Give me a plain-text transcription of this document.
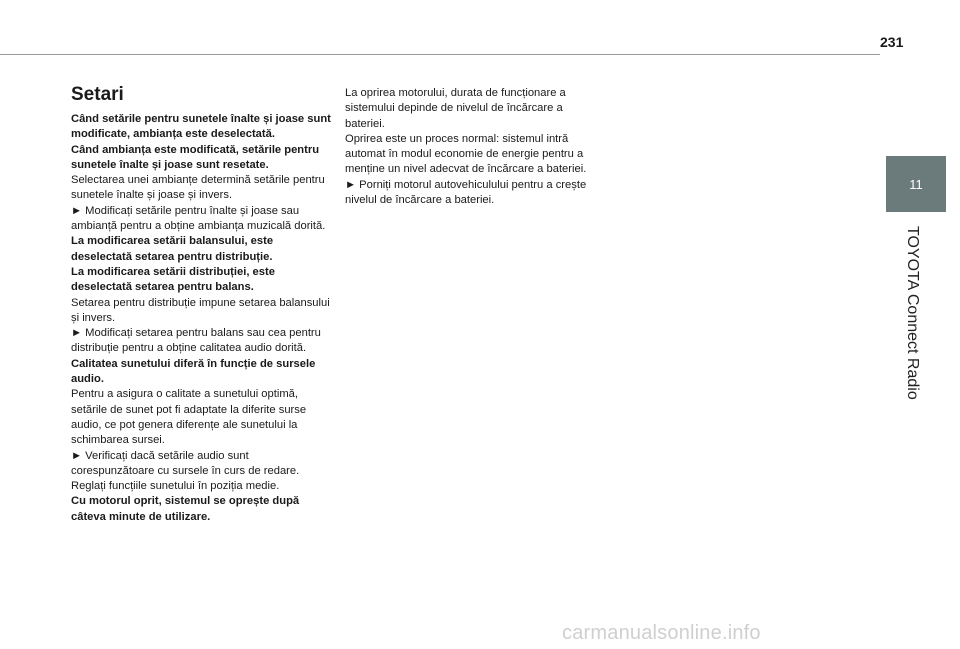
231
11
TOYOTA Connect Radio
Setari

Când setările pentru sunetele înalte și joase sunt modificate, ambianța este deselectată.

Când ambianța este modificată, setările pentru sunetele înalte și joase sunt resetate.

Selectarea unei ambianțe determină setările pentru sunetele înalte și joase și invers.

► Modificați setările pentru înalte și joase sau ambianță pentru a obține ambianța muzicală dorită.

La modificarea setării balansului, este deselectată setarea pentru distribuție.

La modificarea setării distribuției, este deselectată setarea pentru balans.

Setarea pentru distribuție impune setarea balansului și invers.

► Modificați setarea pentru balans sau cea pentru distribuție pentru a obține calitatea audio dorită.

Calitatea sunetului diferă în funcție de sursele audio.

Pentru a asigura o calitate a sunetului optimă, setările de sunet pot fi adaptate la diferite surse audio, ce pot genera diferențe ale sunetului la schimbarea sursei.

► Verificați dacă setările audio sunt corespunzătoare cu sursele în curs de redare. Reglați funcțiile sunetului în poziția medie.

Cu motorul oprit, sistemul se oprește după câteva minute de utilizare.

La oprirea motorului, durata de funcționare a sistemului depinde de nivelul de încărcare a bateriei.

Oprirea este un proces normal: sistemul intră automat în modul economie de energie pentru a menține un nivel adecvat de încărcare a bateriei.

► Porniți motorul autovehiculului pentru a crește nivelul de încărcare a bateriei.

carmanualsonline.info
